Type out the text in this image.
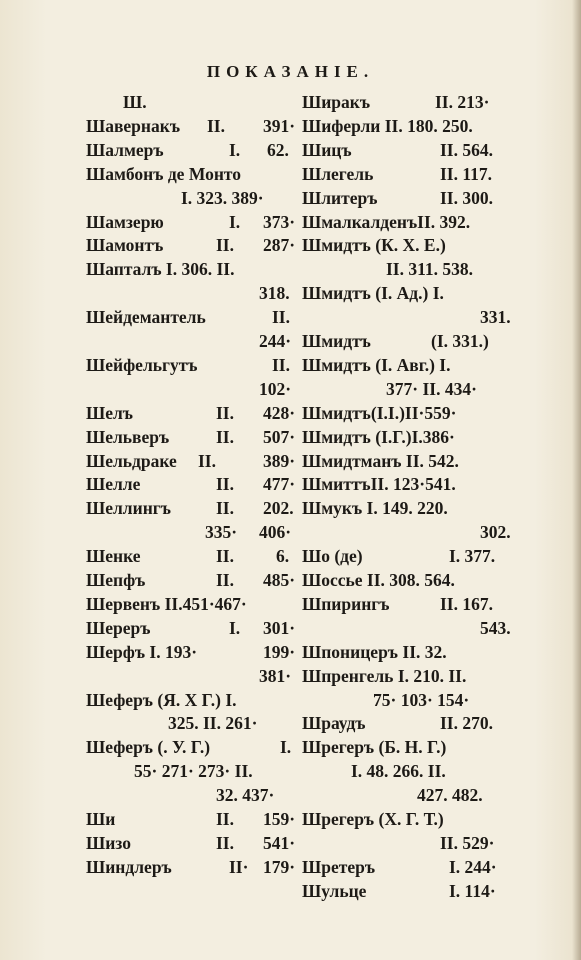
ПОКАЗАНІЕ.
Ш.
Шавернакъ II. 391·
Шалмеръ	I. 62.
Шамбонъ де Монто
I. 323. 389·
Шамзерю	I. 373·
Шамонтъ	II. 287·
Шапталъ I. 306. II.
318.
Шейдемантель	II.
244·
Шейфельгутъ	II.
102·
Шелъ	II. 428·
Шельверъ	II. 507·
Шельдраке II.	389·
Шелле	II. 477·
Шеллингъ	II. 202.
335· 406·
Шенке	II. 6.
Шепфъ	II. 485·
Шервенъ II.451·467·
Шереръ	I. 301·
Шерфъ I. 193·	199·
381·
Шеферъ (Я. Х Г.) I.
325. II. 261·
Шеферъ (. У. Г.)	I.
55· 271· 273· II.
32. 437·
Ши	II. 159·
Шизо	II. 541·
Шиндлеръ	II· 179·
Ширакъ	II. 213·
Шиферли II. 180. 250.
Шицъ	II. 564.
Шлегель	II. 117.
Шлитеръ	II. 300.
ШмалкалденъII. 392.
Шмидтъ (К. Х. Е.)
II. 311. 538.
Шмидтъ (I. Ад.) I.
331.
Шмидтъ	(I. 331.)
Шмидтъ (I. Авг.) I.
377· II. 434·
Шмидтъ(I.I.)II·559·
Шмидтъ (I.Г.)I.386·
Шмидтманъ II. 542.
ШмиттъII. 123·541.
Шмукъ I. 149. 220.
302.
Шо (де)	I. 377.
Шоссье II. 308. 564.
Шпирингъ	II. 167.
543.
Шпоницеръ II. 32.
Шпренгель I. 210. II.
75· 103· 154·
Шраудъ	II. 270.
Шрегеръ (Б. Н. Г.)
I. 48. 266. II.
427. 482.
Шрегеръ (Х. Г. Т.)
II. 529·
Шретеръ	I. 244·
Шульце	I. 114·
